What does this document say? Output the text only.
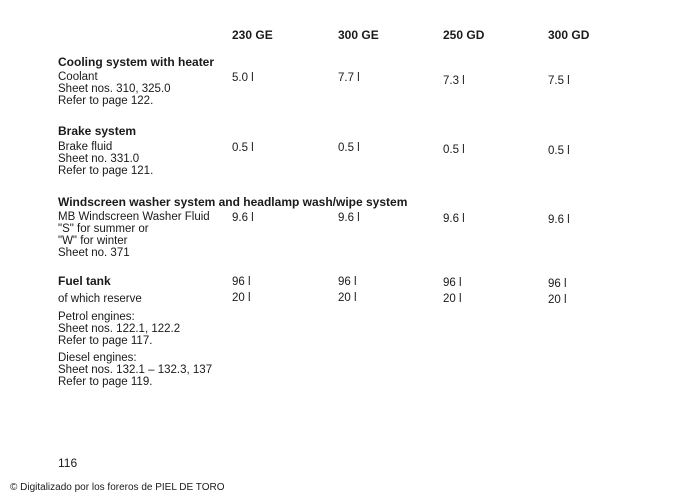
230 GE	300 GE	250 GD	300 GD
Cooling system with heater
Coolant
Sheet nos. 310, 325.0
Refer to page 122.
5.0 l	7.7 l	7.3 l	7.5 l
Brake system
Brake fluid
Sheet no. 331.0
Refer to page 121.
0.5 l	0.5 l	0.5 l	0.5 l
Windscreen washer system and headlamp wash/wipe system
MB Windscreen Washer Fluid
"S" for summer or
"W" for winter
Sheet no. 371
9.6 l	9.6 l	9.6 l	9.6 l
Fuel tank	96 l	96 l	96 l	96 l
of which reserve	20 l	20 l	20 l	20 l
Petrol engines:
Sheet nos. 122.1, 122.2
Refer to page 117.
Diesel engines:
Sheet nos. 132.1 – 132.3, 137
Refer to page 119.
116
© Digitalizado por los foreros de PIEL DE TORO
